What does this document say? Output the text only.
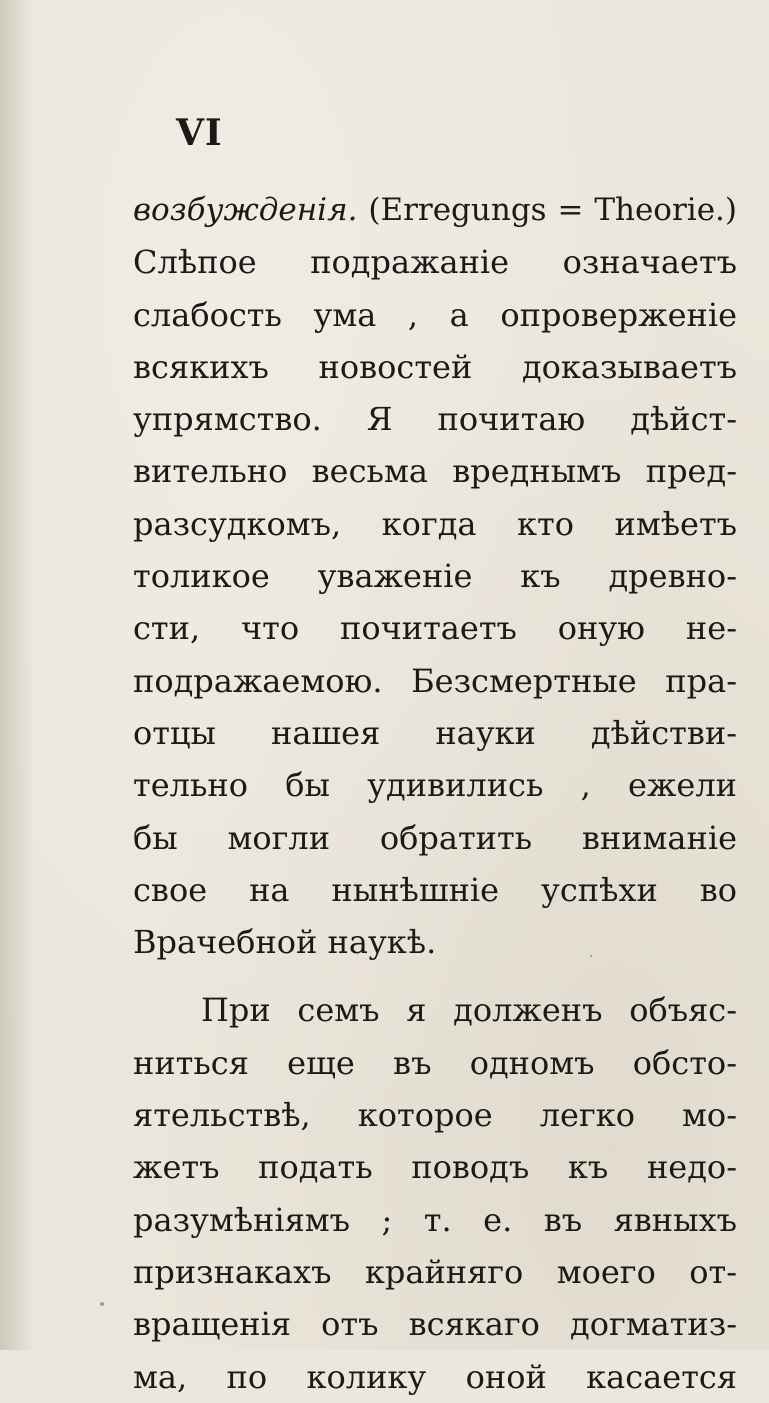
VI
возбужденія. (Erregungs = Theorie.)
Слѣпое подражаніе означаетъ
слабость ума , а опроверженіе
всякихъ новостей доказываетъ
упрямство. Я почитаю дѣйст-
вительно весьма вреднымъ пред-
разсудкомъ, когда кто имѣетъ
толикое уваженіе къ древно-
сти, что почитаетъ оную не-
подражаемою. Безсмертные пра-
отцы нашея науки дѣйстви-
тельно бы удивились , ежели
бы могли обратить вниманіе
свое на нынѣшніе успѣхи во
Врачебной наукѣ.
При семъ я долженъ объяс-
ниться еще въ одномъ обсто-
ятельствѣ, которое легко мо-
жетъ подать поводъ къ недо-
разумѣніямъ ; т. е. въ явныхъ
признакахъ крайняго моего от-
вращенія отъ всякаго догматиз-
ма, по колику оной касается
